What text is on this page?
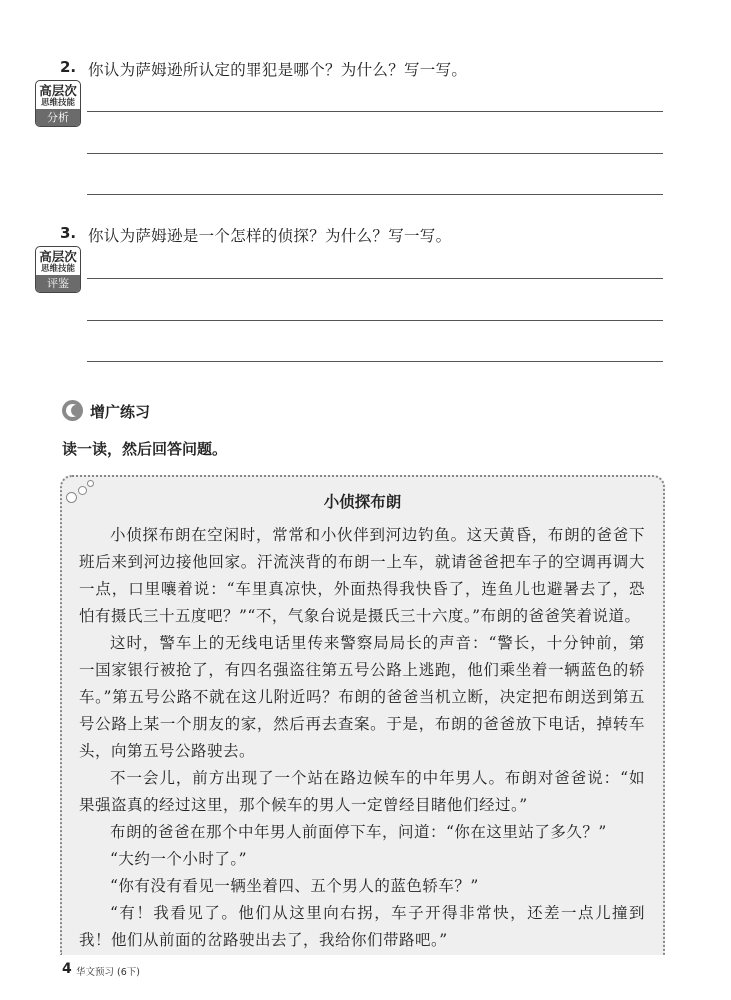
2. 你认为萨姆逊所认定的罪犯是哪个？为什么？写一写。
高层次
思维技能
分析
3. 你认为萨姆逊是一个怎样的侦探？为什么？写一写。
高层次
思维技能
评鉴
增广练习
读一读，然后回答问题。
小侦探布朗

小侦探布朗在空闲时，常常和小伙伴到河边钓鱼。这天黄昏，布朗的爸爸下班后来到河边接他回家。汗流浃背的布朗一上车，就请爸爸把车子的空调再调大一点，口里嚷着说：“车里真凉快，外面热得我快昏了，连鱼儿也避暑去了，恐怕有摄氏三十五度吧？”“不，气象台说是摄氏三十六度。”布朗的爸爸笑着说道。

这时，警车上的无线电话里传来警察局局长的声音：“警长，十分钟前，第一国家银行被抢了，有四名强盗往第五号公路上逃跑，他们乘坐着一辆蓝色的轿车。”第五号公路不就在这儿附近吗？布朗的爸爸当机立断，决定把布朗送到第五号公路上某一个朋友的家，然后再去查案。于是，布朗的爸爸放下电话，掉转车头，向第五号公路驶去。

不一会儿，前方出现了一个站在路边候车的中年男人。布朗对爸爸说：“如果强盗真的经过这里，那个候车的男人一定曾经目睹他们经过。”

布朗的爸爸在那个中年男人前面停下车，问道：“你在这里站了多久？”

“大约一个小时了。”

“你有没有看见一辆坐着四、五个男人的蓝色轿车？”

“有！我看见了。他们从这里向右拐，车子开得非常快，还差一点儿撞到我！他们从前面的岔路驶出去了，我给你们带路吧。”

4 华文预习 (6下)
